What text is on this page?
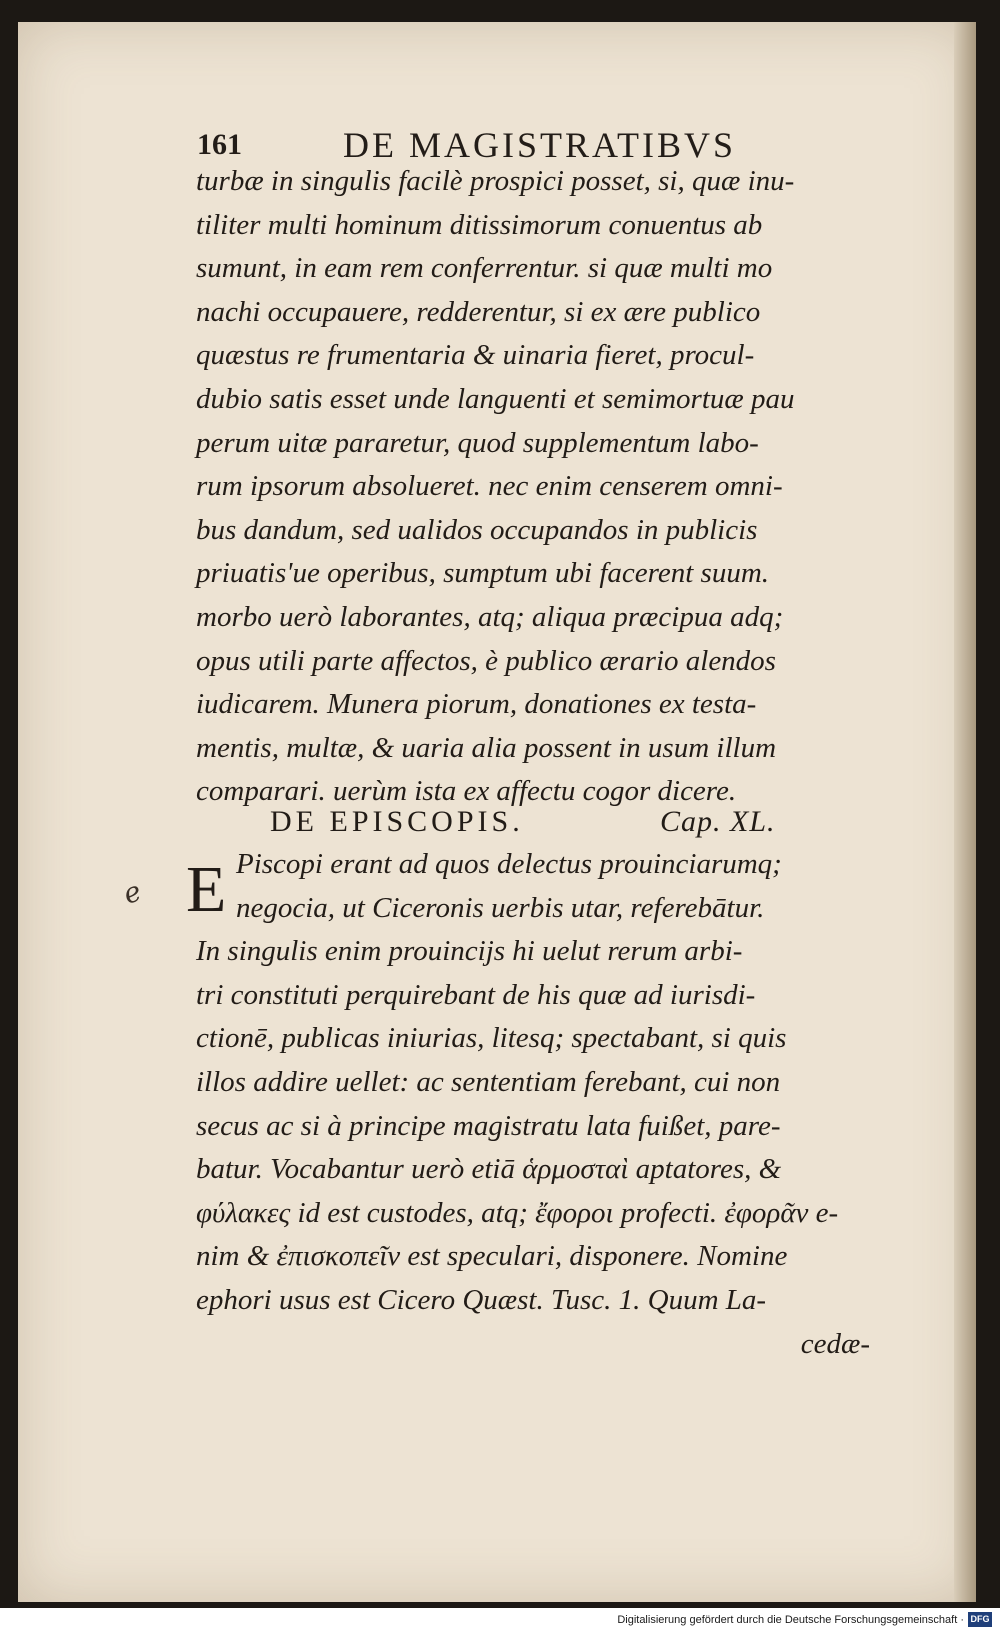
161	DE MAGISTRATIBVS
turbæ in singulis facilè prospici posset, si, quæ inu-
tiliter multi hominum ditissimorum conuentus ab
sumunt, in eam rem conferrentur. si quæ multi mo
nachi occupauere, redderentur, si ex ære publico
quæstus re frumentaria & uinaria fieret, procul-
dubio satis esset unde languenti et semimortuæ pau
perum uitæ pararetur, quod supplementum labo-
rum ipsorum absolueret. nec enim censerem omni-
bus dandum, sed ualidos occupandos in publicis
priuatis'ue operibus, sumptum ubi facerent suum.
morbo uerò laborantes, atq; aliqua præcipua adq;
opus utili parte affectos, è publico ærario alendos
iudicarem. Munera piorum, donationes ex testa-
mentis, multæ, & uaria alia possent in usum illum
comparari. uerùm ista ex affectu cogor dicere.
DE EPISCOPIS.	Cap. XL.
ℯ E Piscopi erant ad quos delectus prouinciarumq;
negocia, ut Ciceronis uerbis utar, referebātur.
In singulis enim prouincijs hi uelut rerum arbi-
tri constituti perquirebant de his quæ ad iurisdi-
ctionē, publicas iniurias, litesq; spectabant, si quis
illos addire uellet: ac sententiam ferebant, cui non
secus ac si à principe magistratu lata fuißet, pare-
batur. Vocabantur uerò etiā ἁρμοσταὶ aptatores, &
φύλακες id est custodes, atq; ἔφοροι profecti. ἐφορᾶν e-
nim & ἐπισκοπεῖν est speculari, disponere. Nomine
ephori usus est Cicero Quæst. Tusc. 1. Quum La-
cedæ-
Digitalisierung gefördert durch die Deutsche Forschungsgemeinschaft · DFG
